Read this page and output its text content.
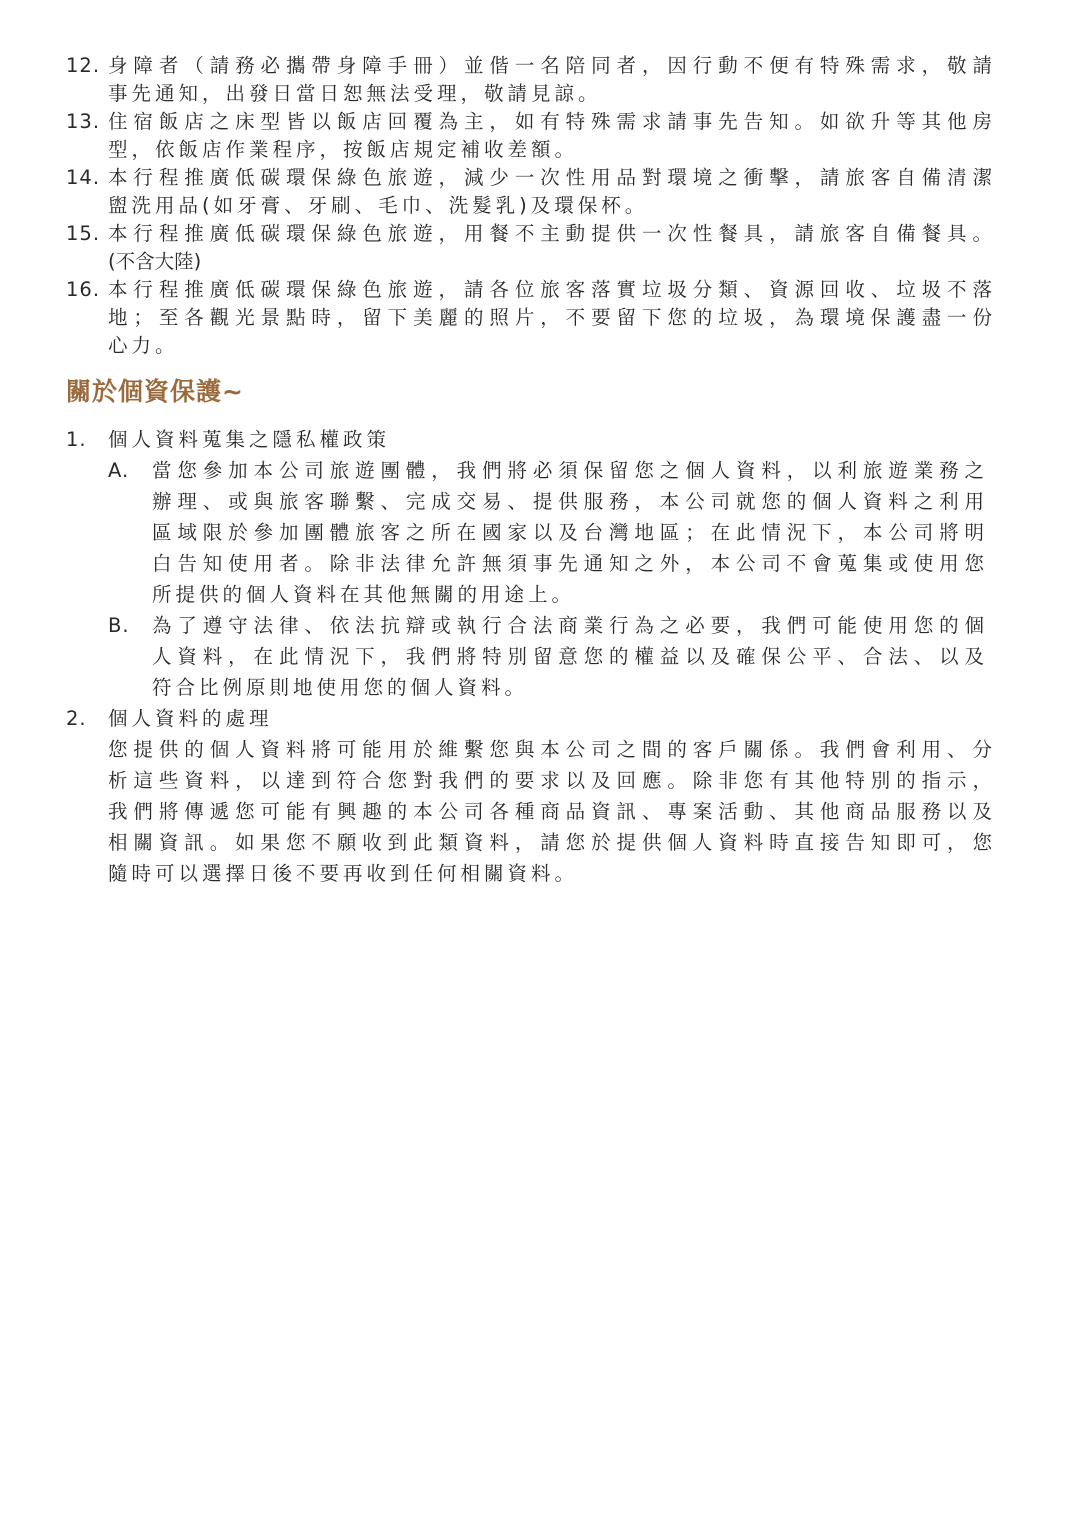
12. 身障者（請務必攜帶身障手冊）並偕一名陪同者，因行動不便有特殊需求，敬請
事先通知，出發日當日恕無法受理，敬請見諒。
13. 住宿飯店之床型皆以飯店回覆為主，如有特殊需求請事先告知。如欲升等其他房
型，依飯店作業程序，按飯店規定補收差額。
14. 本行程推廣低碳環保綠色旅遊，減少一次性用品對環境之衝擊，請旅客自備清潔
盥洗用品(如牙膏、牙刷、毛巾、洗髮乳)及環保杯。
15. 本行程推廣低碳環保綠色旅遊，用餐不主動提供一次性餐具，請旅客自備餐具。
(不含大陸)
16. 本行程推廣低碳環保綠色旅遊，請各位旅客落實垃圾分類、資源回收、垃圾不落
地；至各觀光景點時，留下美麗的照片，不要留下您的垃圾，為環境保護盡一份
心力。
關於個資保護~
1. 個人資料蒐集之隱私權政策
A. 當您參加本公司旅遊團體，我們將必須保留您之個人資料，以利旅遊業務之
辦理、或與旅客聯繫、完成交易、提供服務，本公司就您的個人資料之利用
區域限於參加團體旅客之所在國家以及台灣地區；在此情況下，本公司將明
白告知使用者。除非法律允許無須事先通知之外，本公司不會蒐集或使用您
所提供的個人資料在其他無關的用途上。
B. 為了遵守法律、依法抗辯或執行合法商業行為之必要，我們可能使用您的個
人資料，在此情況下，我們將特別留意您的權益以及確保公平、合法、以及
符合比例原則地使用您的個人資料。
2. 個人資料的處理
您提供的個人資料將可能用於維繫您與本公司之間的客戶關係。我們會利用、分
析這些資料，以達到符合您對我們的要求以及回應。除非您有其他特別的指示，
我們將傳遞您可能有興趣的本公司各種商品資訊、專案活動、其他商品服務以及
相關資訊。如果您不願收到此類資料，請您於提供個人資料時直接告知即可，您
隨時可以選擇日後不要再收到任何相關資料。
